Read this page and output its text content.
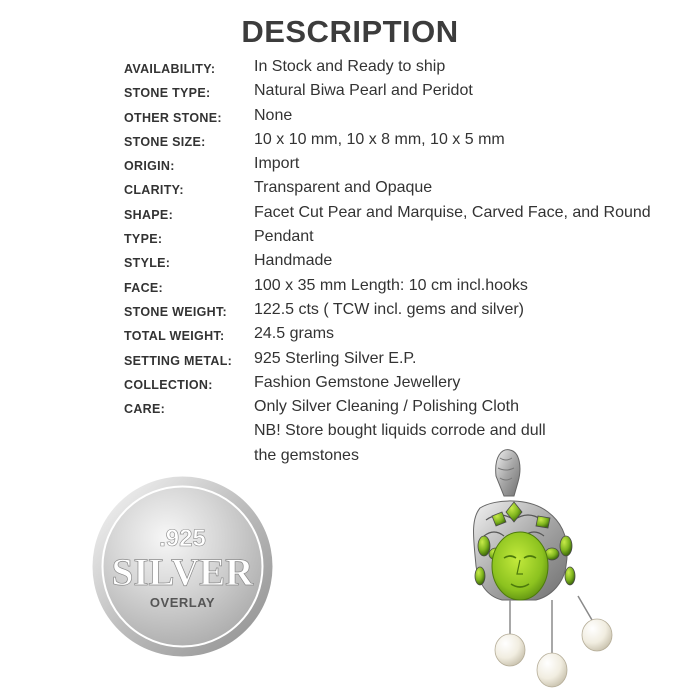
DESCRIPTION
AVAILABILITY: In Stock and Ready to ship
STONE TYPE:	Natural Biwa Pearl and Peridot
OTHER STONE: None
STONE SIZE:	10 x 10 mm, 10 x 8 mm, 10 x 5 mm
ORIGIN:	Import
CLARITY:	Transparent and Opaque
SHAPE:	Facet Cut Pear and Marquise, Carved Face, and Round
TYPE:	Pendant
STYLE:	Handmade
FACE:	100 x 35 mm Length: 10 cm incl.hooks
STONE WEIGHT: 122.5 cts ( TCW incl. gems and silver)
TOTAL WEIGHT: 24.5 grams
SETTING METAL: 925 Sterling Silver E.P.
COLLECTION:	Fashion Gemstone Jewellery
CARE:	Only Silver Cleaning / Polishing Cloth
NB! Store bought liquids corrode and dull
the gemstones
.925
SILVER
OVERLAY
